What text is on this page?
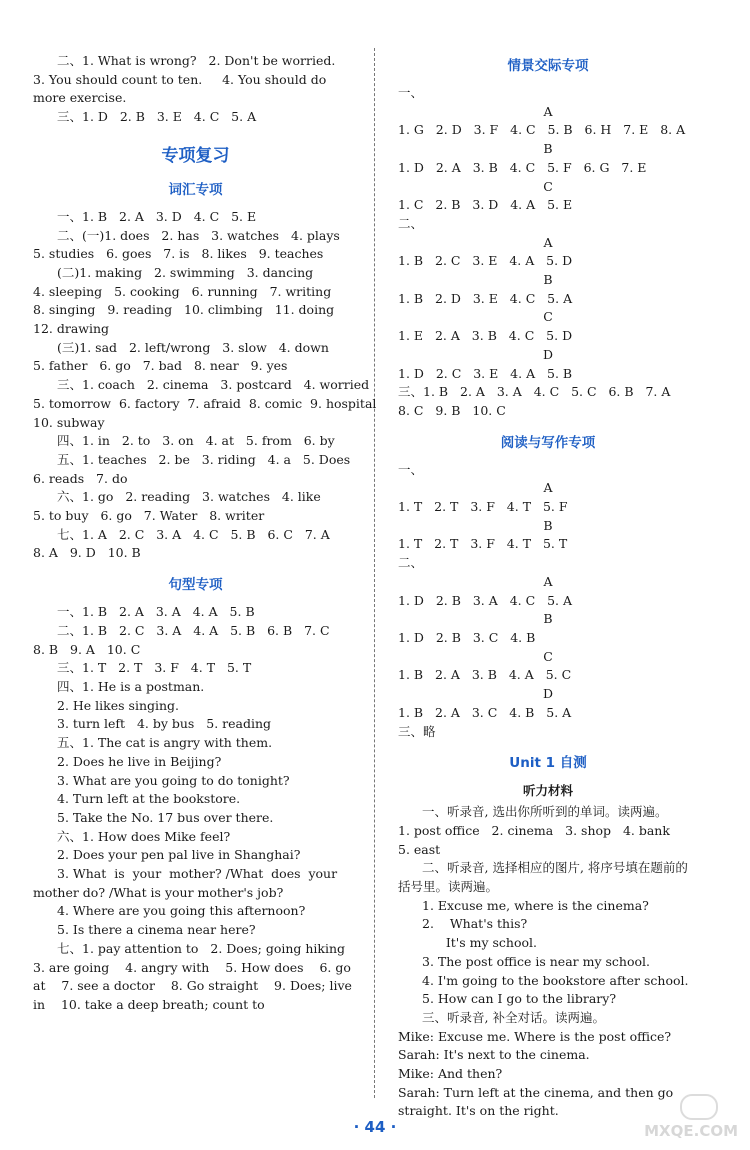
二、1. What is wrong?   2. Don't be worried.
3. You should count to ten.     4. You should do
more exercise.
三、1. D   2. B   3. E   4. C   5. A
专项复习
词汇专项
一、1. B   2. A   3. D   4. C   5. E
二、(一)1. does   2. has   3. watches   4. plays
5. studies   6. goes   7. is   8. likes   9. teaches
(二)1. making   2. swimming   3. dancing
4. sleeping   5. cooking   6. running   7. writing
8. singing   9. reading   10. climbing   11. doing
12. drawing
(三)1. sad   2. left/wrong   3. slow   4. down
5. father   6. go   7. bad   8. near   9. yes
三、1. coach   2. cinema   3. postcard   4. worried
5. tomorrow  6. factory  7. afraid  8. comic  9. hospital
10. subway
四、1. in   2. to   3. on   4. at   5. from   6. by
五、1. teaches   2. be   3. riding   4. a   5. Does
6. reads   7. do
六、1. go   2. reading   3. watches   4. like
5. to buy   6. go   7. Water   8. writer
七、1. A   2. C   3. A   4. C   5. B   6. C   7. A
8. A   9. D   10. B
句型专项
一、1. B   2. A   3. A   4. A   5. B
二、1. B   2. C   3. A   4. A   5. B   6. B   7. C
8. B   9. A   10. C
三、1. T   2. T   3. F   4. T   5. T
四、1. He is a postman.
2. He likes singing.
3. turn left   4. by bus   5. reading
五、1. The cat is angry with them.
2. Does he live in Beijing?
3. What are you going to do tonight?
4. Turn left at the bookstore.
5. Take the No. 17 bus over there.
六、1. How does Mike feel?
2. Does your pen pal live in Shanghai?
3. What  is  your  mother? /What  does  your
mother do? /What is your mother's job?
4. Where are you going this afternoon?
5. Is there a cinema near here?
七、1. pay attention to   2. Does; going hiking
3. are going    4. angry with    5. How does    6. go
at    7. see a doctor    8. Go straight    9. Does; live
in    10. take a deep breath; count to
情景交际专项
一、
A
1. G   2. D   3. F   4. C   5. B   6. H   7. E   8. A
B
1. D   2. A   3. B   4. C   5. F   6. G   7. E
C
1. C   2. B   3. D   4. A   5. E
二、
A
1. B   2. C   3. E   4. A   5. D
B
1. B   2. D   3. E   4. C   5. A
C
1. E   2. A   3. B   4. C   5. D
D
1. D   2. C   3. E   4. A   5. B
三、1. B   2. A   3. A   4. C   5. C   6. B   7. A
8. C   9. B   10. C
阅读与写作专项
一、
A
1. T   2. T   3. F   4. T   5. F
B
1. T   2. T   3. F   4. T   5. T
二、
A
1. D   2. B   3. A   4. C   5. A
B
1. D   2. B   3. C   4. B
C
1. B   2. A   3. B   4. A   5. C
D
1. B   2. A   3. C   4. B   5. A
三、略
Unit 1 自测
听力材料
一、听录音, 选出你所听到的单词。读两遍。
1. post office   2. cinema   3. shop   4. bank
5. east
二、听录音, 选择相应的图片, 将序号填在题前的
括号里。读两遍。
1. Excuse me, where is the cinema?
2.    What's this?
It's my school.
3. The post office is near my school.
4. I'm going to the bookstore after school.
5. How can I go to the library?
三、听录音, 补全对话。读两遍。
Mike: Excuse me. Where is the post office?
Sarah: It's next to the cinema.
Mike: And then?
Sarah: Turn left at the cinema, and then go
straight. It's on the right.
· 44 ·	MXQE.COM
